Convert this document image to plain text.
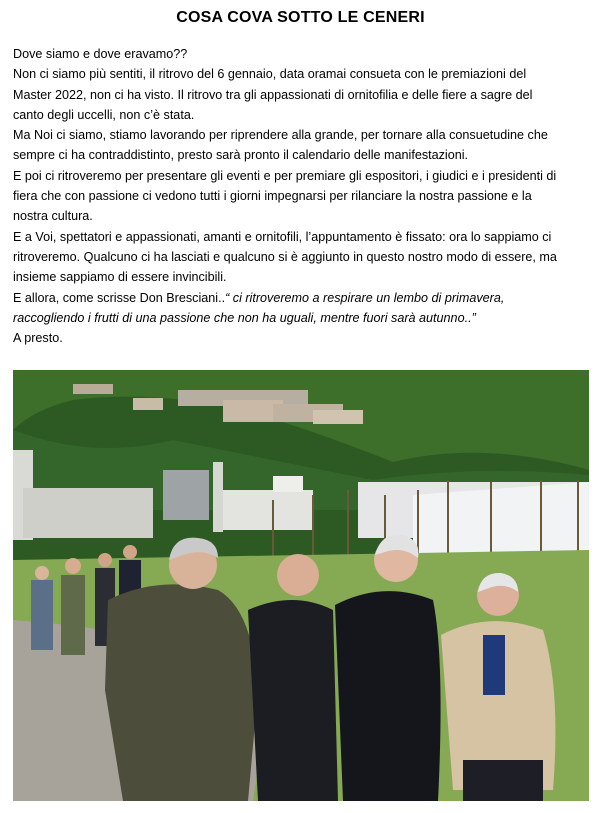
COSA COVA SOTTO LE CENERI

Dove siamo e dove eravamo??

Non ci siamo più sentiti, il ritrovo del 6 gennaio, data oramai consueta con le premiazioni del

Master 2022, non ci ha visto. Il ritrovo tra gli appassionati di ornitofilia e delle fiere a sagre del

canto degli uccelli, non c’è stata.

Ma Noi ci siamo, stiamo lavorando per riprendere alla grande, per tornare alla consuetudine che

sempre ci ha contraddistinto, presto sarà pronto il calendario delle manifestazioni.

E poi ci ritroveremo per presentare gli eventi e per premiare gli espositori, i giudici e i presidenti di

fiera che con passione ci vedono tutti i giorni impegnarsi per rilanciare la nostra passione e la

nostra cultura.

E a Voi, spettatori e appassionati, amanti e ornitofili, l’appuntamento è fissato: ora lo sappiamo ci

ritroveremo. Qualcuno ci ha lasciati e qualcuno si è aggiunto in questo nostro modo di essere, ma

insieme sappiamo di essere invincibili.

E allora, come scrisse Don Bresciani..“ ci ritroveremo a respirare un lembo di primavera,

raccogliendo i frutti di una passione che non ha uguali, mentre fuori sarà autunno..”

A presto.
